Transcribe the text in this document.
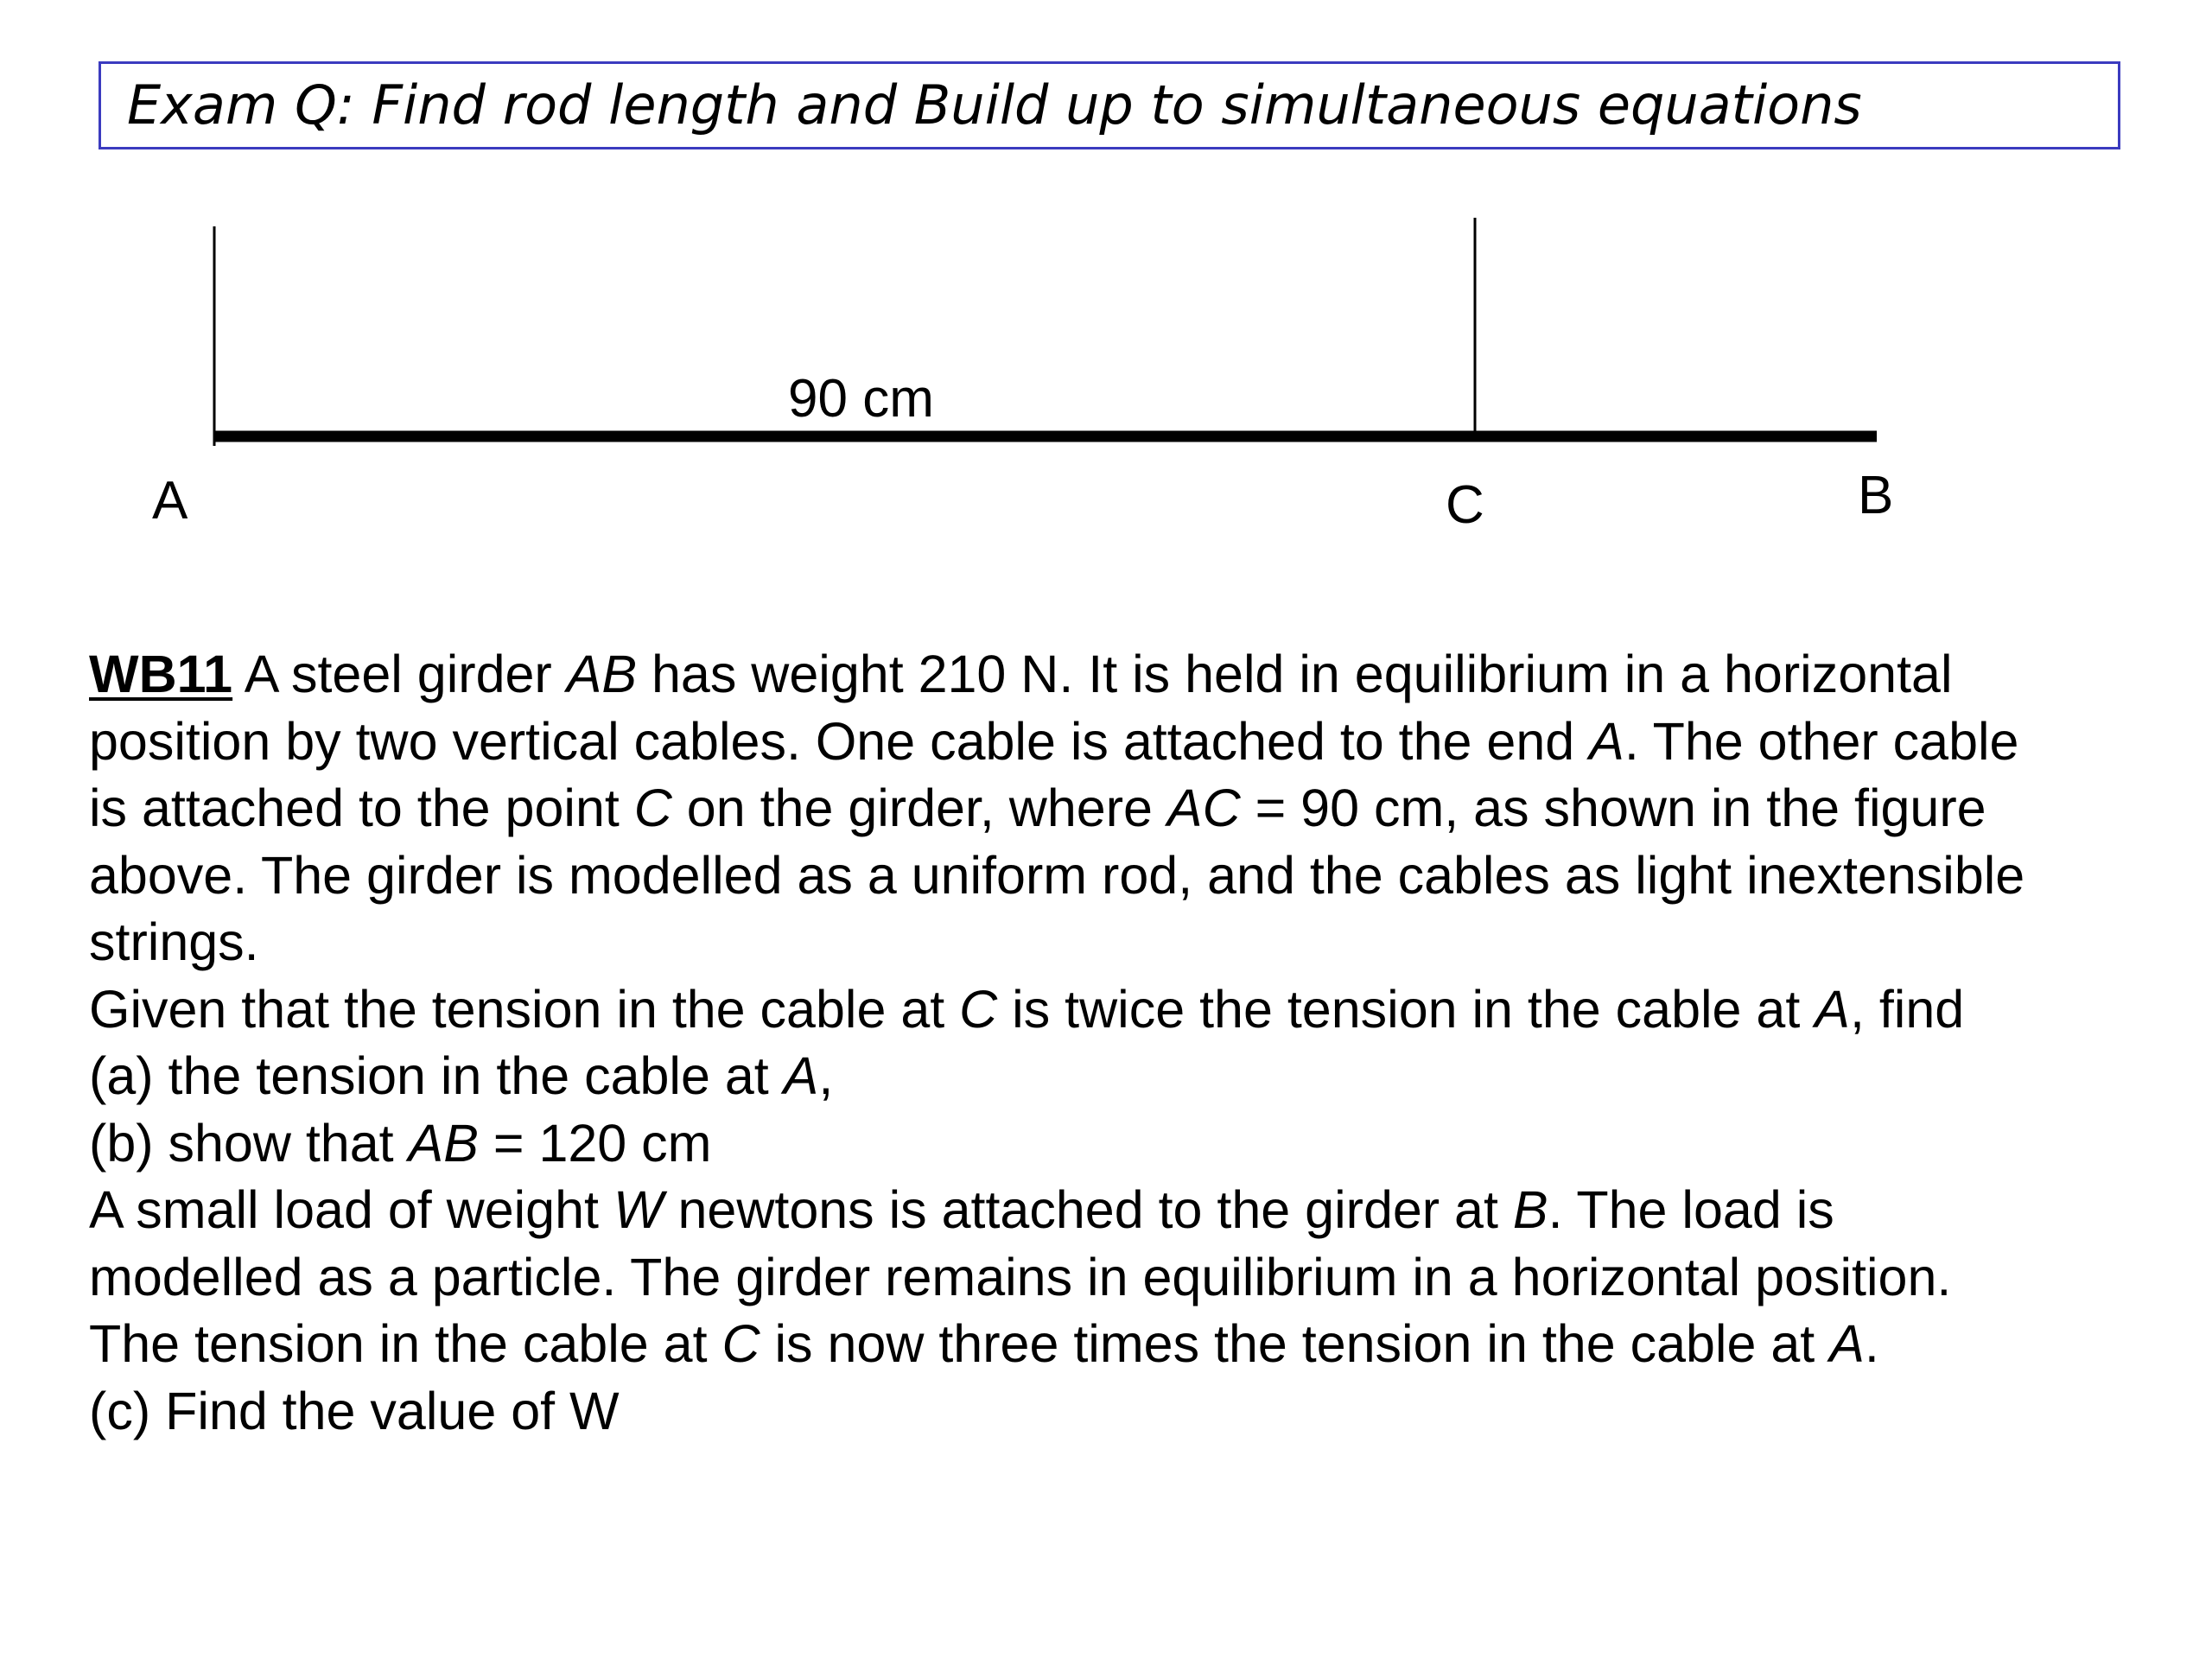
Exam Q: Find rod length and Build up to simultaneous equations
90 cm
A	C	B

WB11 A steel girder AB has weight 210 N. It is held in equilibrium in a horizontal

position by two vertical cables. One cable is attached to the end A. The other cable

is attached to the point C on the girder, where AC = 90 cm, as shown in the figure

above. The girder is modelled as a uniform rod, and the cables as light inextensible

strings.

Given that the tension in the cable at C is twice the tension in the cable at A, find

(a) the tension in the cable at A,

(b) show that AB = 120 cm

A small load of weight W newtons is attached to the girder at B. The load is

modelled as a particle. The girder remains in equilibrium in a horizontal position.

The tension in the cable at C is now three times the tension in the cable at A.

(c) Find the value of W
